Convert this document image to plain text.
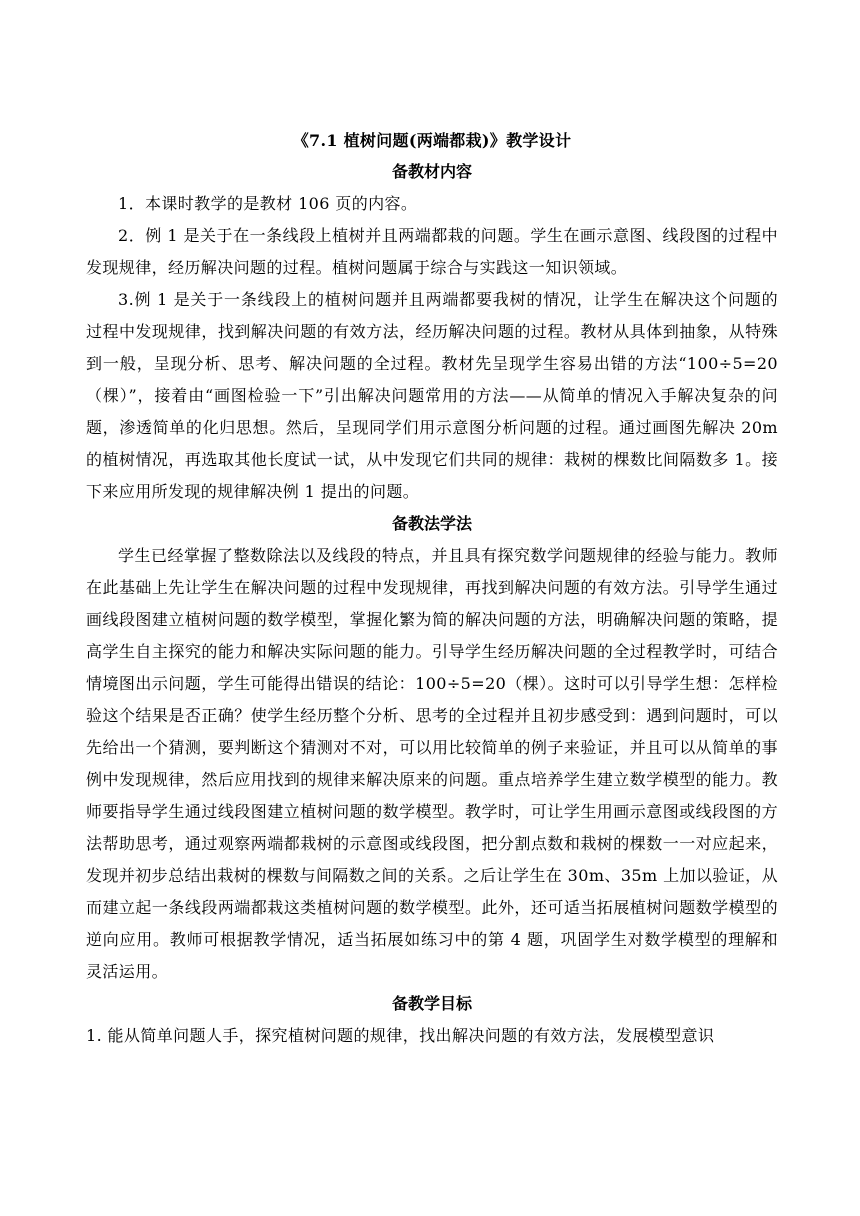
《7.1 植树问题(两端都栽)》教学设计
备教材内容

1．本课时教学的是教材 106 页的内容。

2．例 1 是关于在一条线段上植树并且两端都栽的问题。学生在画示意图、线段图的过程中发现规律，经历解决问题的过程。植树问题属于综合与实践这一知识领域。

3.例 1 是关于一条线段上的植树问题并且两端都要我树的情况，让学生在解决这个问题的过程中发现规律，找到解决问题的有效方法，经历解决问题的过程。教材从具体到抽象，从特殊到一般，呈现分析、思考、解决问题的全过程。教材先呈现学生容易出错的方法“100÷5=20（棵）”，接着由“画图检验一下”引出解决问题常用的方法——从简单的情况入手解决复杂的问题，渗透简单的化归思想。然后，呈现同学们用示意图分析问题的过程。通过画图先解决 20m 的植树情况，再选取其他长度试一试，从中发现它们共同的规律：栽树的棵数比间隔数多 1。接下来应用所发现的规律解决例 1 提出的问题。

备教法学法

学生已经掌握了整数除法以及线段的特点，并且具有探究数学问题规律的经验与能力。教师在此基础上先让学生在解决问题的过程中发现规律，再找到解决问题的有效方法。引导学生通过画线段图建立植树问题的数学模型，掌握化繁为简的解决问题的方法，明确解决问题的策略，提高学生自主探究的能力和解决实际问题的能力。引导学生经历解决问题的全过程教学时，可结合情境图出示问题，学生可能得出错误的结论：100÷5=20（棵）。这时可以引导学生想：怎样检验这个结果是否正确？使学生经历整个分析、思考的全过程并且初步感受到：遇到问题时，可以先给出一个猜测，要判断这个猜测对不对，可以用比较简单的例子来验证，并且可以从简单的事例中发现规律，然后应用找到的规律来解决原来的问题。重点培养学生建立数学模型的能力。教师要指导学生通过线段图建立植树问题的数学模型。教学时，可让学生用画示意图或线段图的方法帮助思考，通过观察两端都栽树的示意图或线段图，把分割点数和栽树的棵数一一对应起来，发现并初步总结出栽树的棵数与间隔数之间的关系。之后让学生在 30m、35m 上加以验证，从而建立起一条线段两端都栽这类植树问题的数学模型。此外，还可适当拓展植树问题数学模型的逆向应用。教师可根据教学情况，适当拓展如练习中的第 4 题，巩固学生对数学模型的理解和灵活运用。

备教学目标

1. 能从简单问题人手，探究植树问题的规律，找出解决问题的有效方法，发展模型意识
